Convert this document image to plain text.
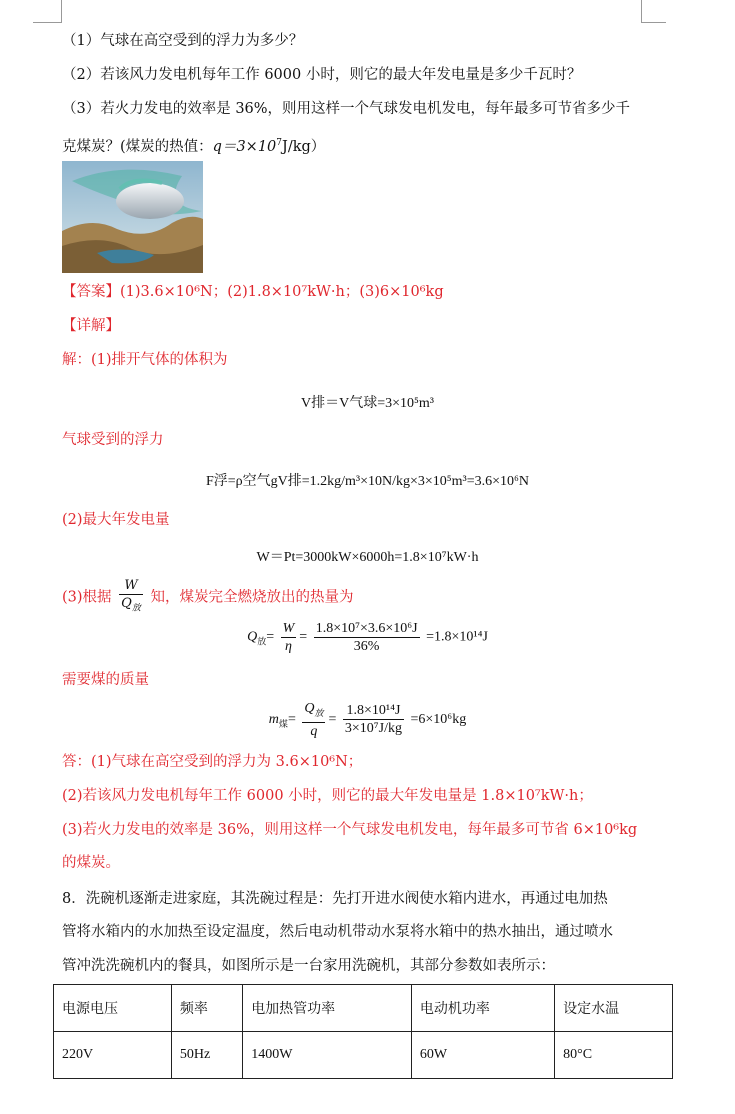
（1）气球在高空受到的浮力为多少？
（2）若该风力发电机每年工作 6000 小时，则它的最大年发电量是多少千瓦时？
（3）若火力发电的效率是 36%，则用这样一个气球发电机发电，每年最多可节省多少千
克煤炭？(煤炭的热值：$q=3\times 10^7J/kg$）
【答案】(1)3.6×10⁶N；(2)1.8×10⁷kW·h；(3)6×10⁶kg
【详解】
解：(1)排开气体的体积为
V排＝V气球=3×10⁵m³
气球受到的浮力
F浮=ρ空气gV排=1.2kg/m³×10N/kg×3×10⁵m³=3.6×10⁶N
(2)最大年发电量
W＝Pt=3000kW×6000h=1.8×10⁷kW·h
(3)根据 $\frac{W}{Q_放}$ 知，煤炭完全燃烧放出的热量为
$Q_放= \frac{W}{\eta} = \frac{\text{1.8×10⁷×3.6×10⁶J}}{36\%} =1.8\times 10^{14}J$
需要煤的质量
$m_煤= \frac{Q_放}{q} = \frac{\text{1.8×10¹⁴J}}{\text{3×10⁷J/kg}} =6\times 10^6kg$
答：(1)气球在高空受到的浮力为 3.6×10⁶N；
(2)若该风力发电机每年工作 6000 小时，则它的最大年发电量是 1.8×10⁷kW·h；
(3)若火力发电的效率是 36%，则用这样一个气球发电机发电，每年最多可节省 6×10⁶kg
的煤炭。
8．洗碗机逐渐走进家庭，其洗碗过程是：先打开进水阀使水箱内进水，再通过电加热
管将水箱内的水加热至设定温度，然后电动机带动水泵将水箱中的热水抽出，通过喷水
管冲洗洗碗机内的餐具，如图所示是一台家用洗碗机，其部分参数如表所示：
电源电压	频率	电加热管功率	电动机功率	设定水温
220V	50Hz	1400W	60W	80°C
